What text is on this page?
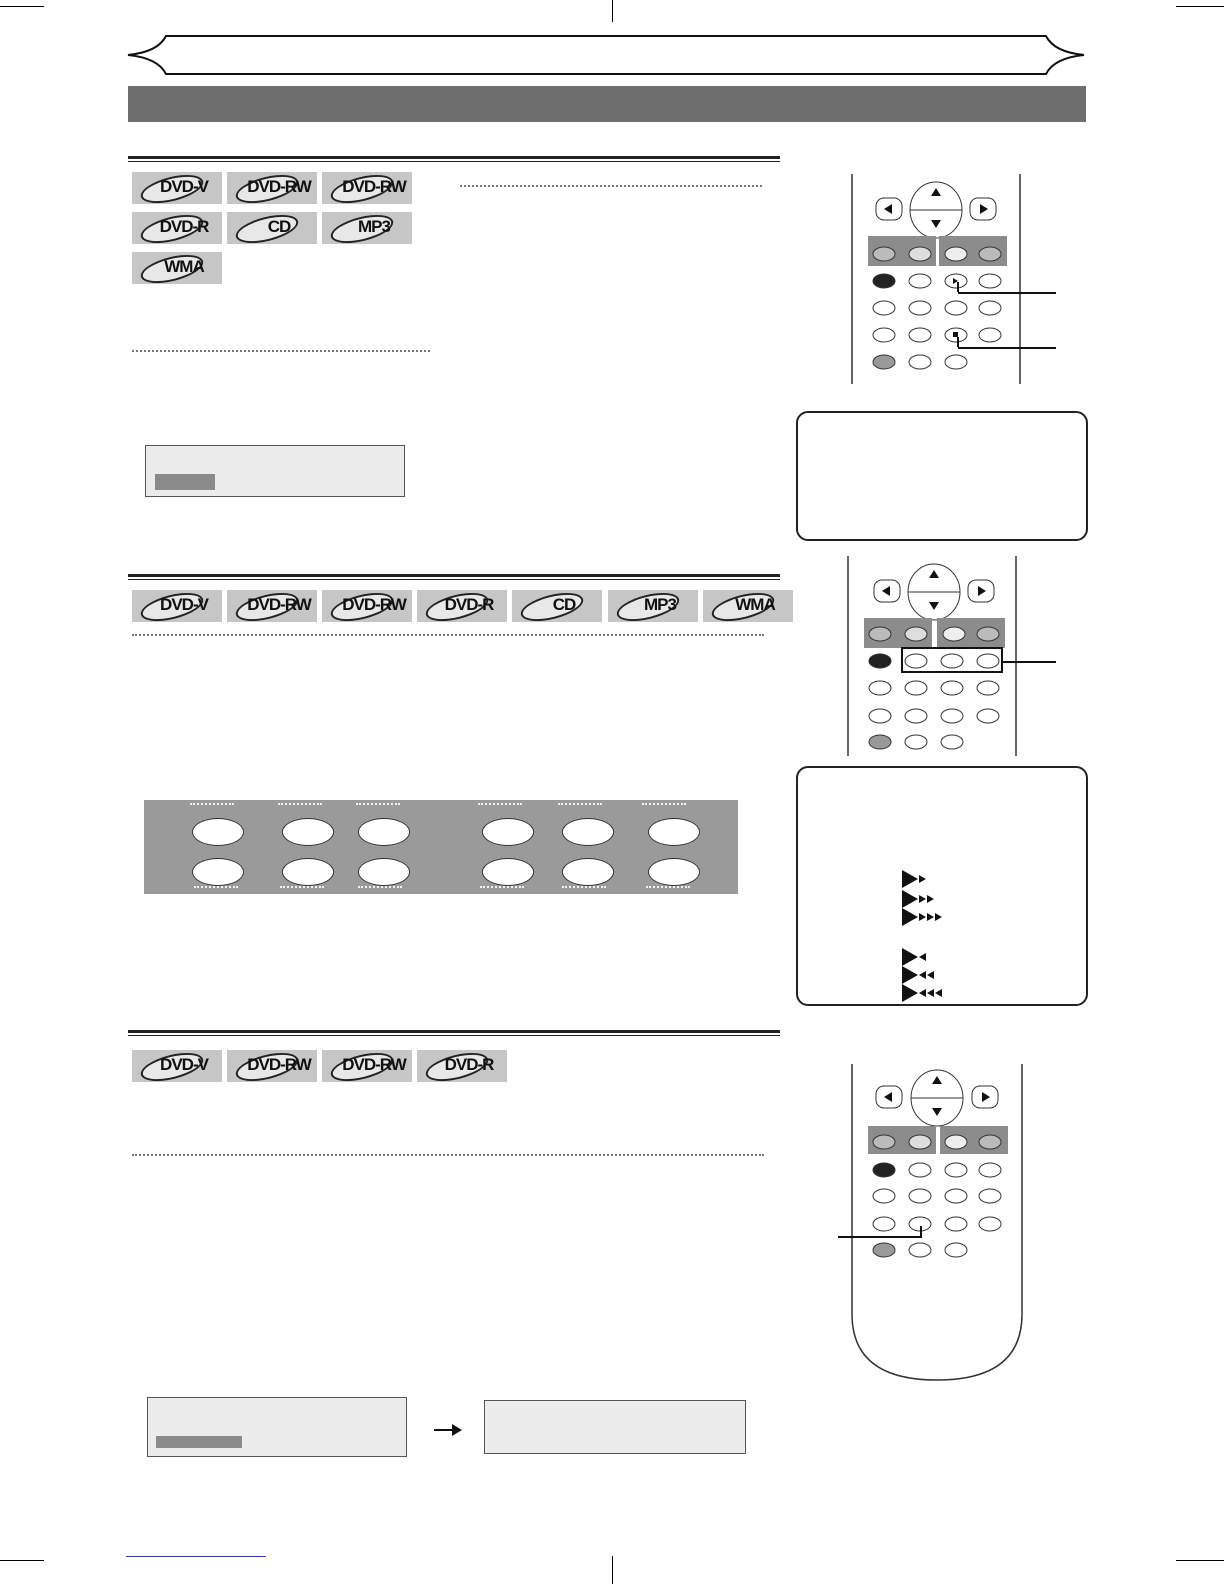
DVD-V	DVD-RW	DVD-RW
DVD-R	CD	MP3
WMA
DVD-V	DVD-RW	DVD-RW	DVD-R	CD	MP3	WMA
DVD-V	DVD-RW	DVD-RW	DVD-R
